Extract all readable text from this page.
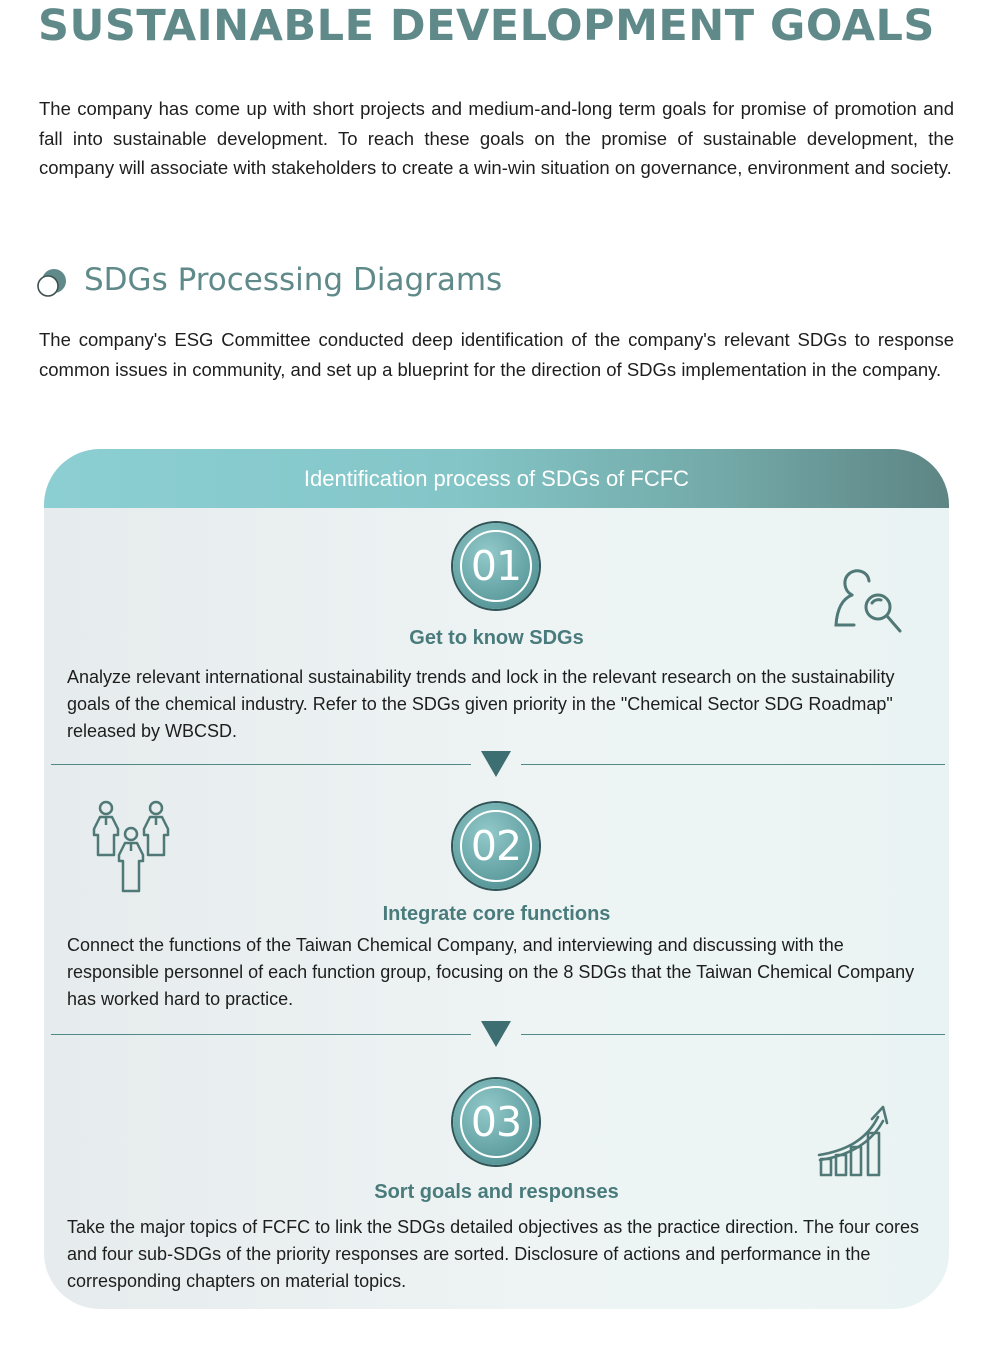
SUSTAINABLE DEVELOPMENT GOALS

The company has come up with short projects and medium-and-long term goals for promise of promotion and fall into sustainable development. To reach these goals on the promise of sustainable development, the company will associate with stakeholders to create a win-win situation on governance, environment and society.

SDGs Processing Diagrams

The company's ESG Committee conducted deep identification of the company's relevant SDGs to response common issues in community, and set up a blueprint for the direction of SDGs implementation in the company.

Identification process of SDGs of FCFC
01
Get to know SDGs

Analyze relevant international sustainability trends and lock in the relevant research on the sustainability goals of the chemical industry. Refer to the SDGs given priority in the "Chemical Sector SDG Roadmap" released by WBCSD.

02
Integrate core functions

Connect the functions of the Taiwan Chemical Company, and interviewing and discussing with the responsible personnel of each function group, focusing on the 8 SDGs that the Taiwan Chemical Company has worked hard to practice.

03
Sort goals and responses

Take the major topics of FCFC to link the SDGs detailed objectives as the practice direction. The four cores and four sub-SDGs of the priority responses are sorted. Disclosure of actions and performance in the corresponding chapters on material topics.
